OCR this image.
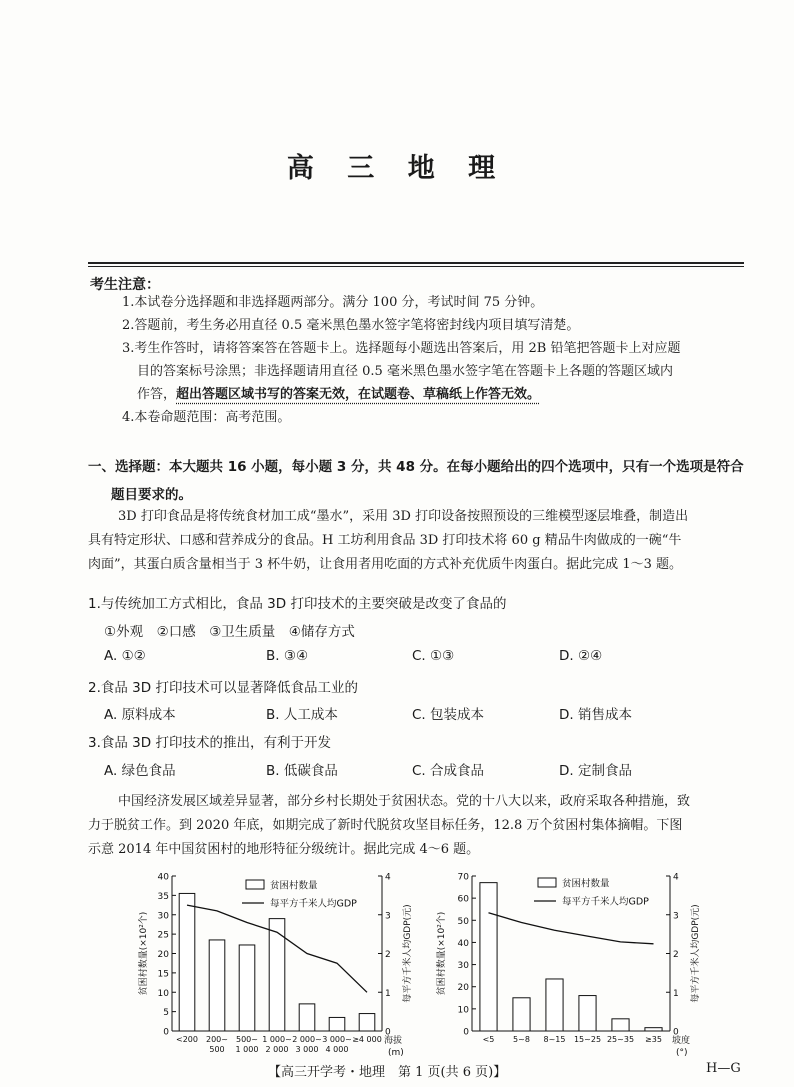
高 三 地 理
考生注意：
1.本试卷分选择题和非选择题两部分。满分 100 分，考试时间 75 分钟。
2.答题前，考生务必用直径 0.5 毫米黑色墨水签字笔将密封线内项目填写清楚。
3.考生作答时，请将答案答在答题卡上。选择题每小题选出答案后，用 2B 铅笔把答题卡上对应题
目的答案标号涂黑；非选择题请用直径 0.5 毫米黑色墨水签字笔在答题卡上各题的答题区域内
作答，超出答题区域书写的答案无效，在试题卷、草稿纸上作答无效。
4.本卷命题范围：高考范围。
一、选择题：本大题共 16 小题，每小题 3 分，共 48 分。在每小题给出的四个选项中，只有一个选项是符合
题目要求的。
3D 打印食品是将传统食材加工成“墨水”，采用 3D 打印设备按照预设的三维模型逐层堆叠，制造出
具有特定形状、口感和营养成分的食品。H 工坊利用食品 3D 打印技术将 60 g 精品牛肉做成的一碗“牛
肉面”，其蛋白质含量相当于 3 杯牛奶，让食用者用吃面的方式补充优质牛肉蛋白。据此完成 1～3 题。
1.与传统加工方式相比，食品 3D 打印技术的主要突破是改变了食品的
①外观　②口感　③卫生质量　④储存方式
A. ①②	B. ③④	C. ①③	D. ②④
2.食品 3D 打印技术可以显著降低食品工业的
A. 原料成本	B. 人工成本	C. 包装成本	D. 销售成本
3.食品 3D 打印技术的推出，有利于开发
A. 绿色食品	B. 低碳食品	C. 合成食品	D. 定制食品
中国经济发展区域差异显著，部分乡村长期处于贫困状态。党的十八大以来，政府采取各种措施，致
力于脱贫工作。到 2020 年底，如期完成了新时代脱贫攻坚目标任务，12.8 万个贫困村集体摘帽。下图
示意 2014 年中国贫困村的地形特征分级统计。据此完成 4～6 题。
0
5
10
15
20
25
30
35
40
0
1
2
3
4
<200 200~
500
500~
1 000
1 000~
2 000
2 000~
3 000
3 000~
4 000
≥4 000
贫困村数量(×10²个)	每平方千米人均GDP(元)
海拔
(m)
贫困村数量
每平方千米人均GDP
0
10
20
30
40
50
60
70
0
1
2
3
4
<5 5~8 8~15 15~25 25~35 ≥35
贫困村数量(×10²个)	每平方千米人均GDP(元)
坡度
(°)
贫困村数量
每平方千米人均GDP
【高三开学考・地理　第 1 页(共 6 页)】	H—G
